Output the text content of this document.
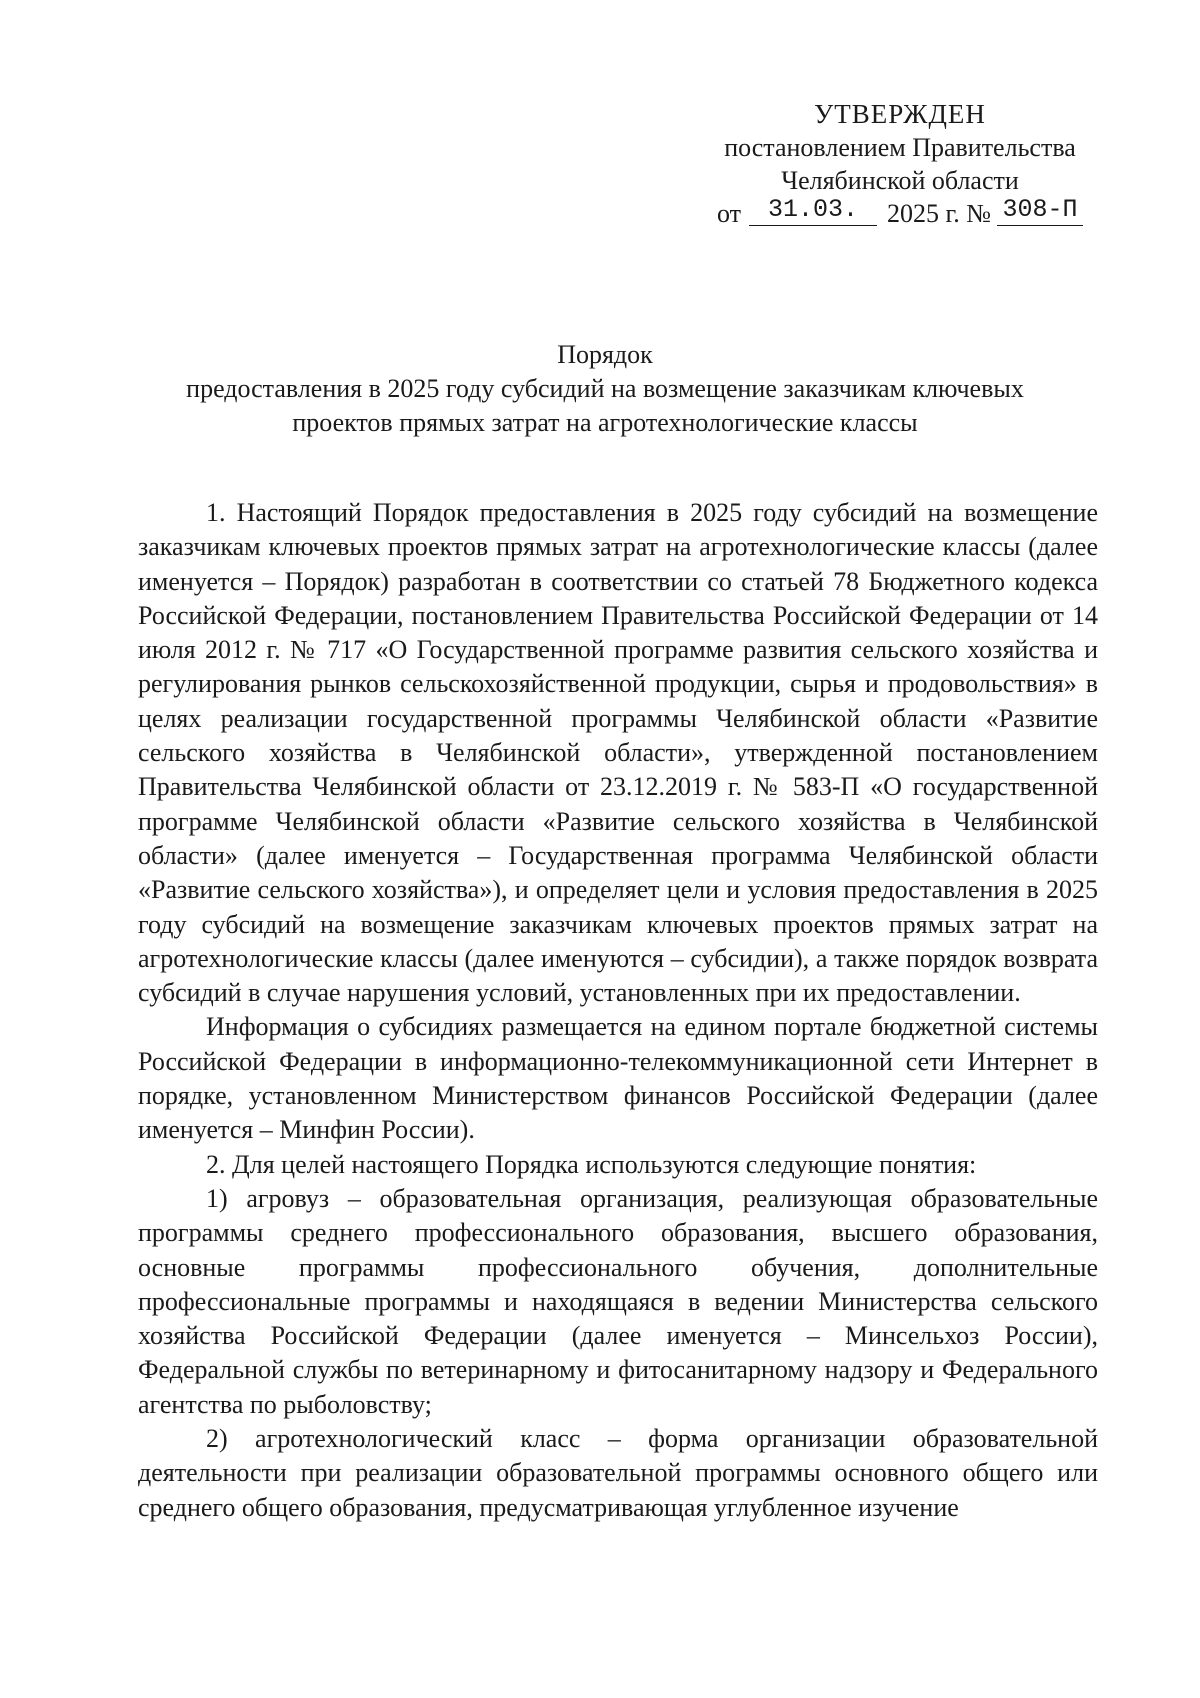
УТВЕРЖДЕН
постановлением Правительства
Челябинской области
от	31.03.	2025 г. № 308-П
Порядок
предоставления в 2025 году субсидий на возмещение заказчикам ключевых
проектов прямых затрат на агротехнологические классы

1. Настоящий Порядок предоставления в 2025 году субсидий на возмещение заказчикам ключевых проектов прямых затрат на агротехнологические классы (далее именуется – Порядок) разработан в соответствии со статьей 78 Бюджетного кодекса Российской Федерации, постановлением Правительства Российской Федерации от 14 июля 2012 г. № 717 «О Государственной программе развития сельского хозяйства и регулирования рынков сельскохозяйственной продукции, сырья и продовольствия» в целях реализации государственной программы Челябинской области «Развитие сельского хозяйства в Челябинской области», утвержденной постановлением Правительства Челябинской области от 23.12.2019 г. № 583-П «О государственной программе Челябинской области «Развитие сельского хозяйства в Челябинской области» (далее именуется – Государственная программа Челябинской области «Развитие сельского хозяйства»), и определяет цели и условия предоставления в 2025 году субсидий на возмещение заказчикам ключевых проектов прямых затрат на агротехнологические классы (далее именуются – субсидии), а также порядок возврата субсидий в случае нарушения условий, установленных при их предоставлении.

Информация о субсидиях размещается на едином портале бюджетной системы Российской Федерации в информационно-телекоммуникационной сети Интернет в порядке, установленном Министерством финансов Российской Федерации (далее именуется – Минфин России).

2. Для целей настоящего Порядка используются следующие понятия:

1) агровуз – образовательная организация, реализующая образовательные программы среднего профессионального образования, высшего образования, основные программы профессионального обучения, дополнительные профессиональные программы и находящаяся в ведении Министерства сельского хозяйства Российской Федерации (далее именуется – Минсельхоз России), Федеральной службы по ветеринарному и фитосанитарному надзору и Федерального агентства по рыболовству;

2) агротехнологический класс – форма организации образовательной деятельности при реализации образовательной программы основного общего или среднего общего образования, предусматривающая углубленное изучение
